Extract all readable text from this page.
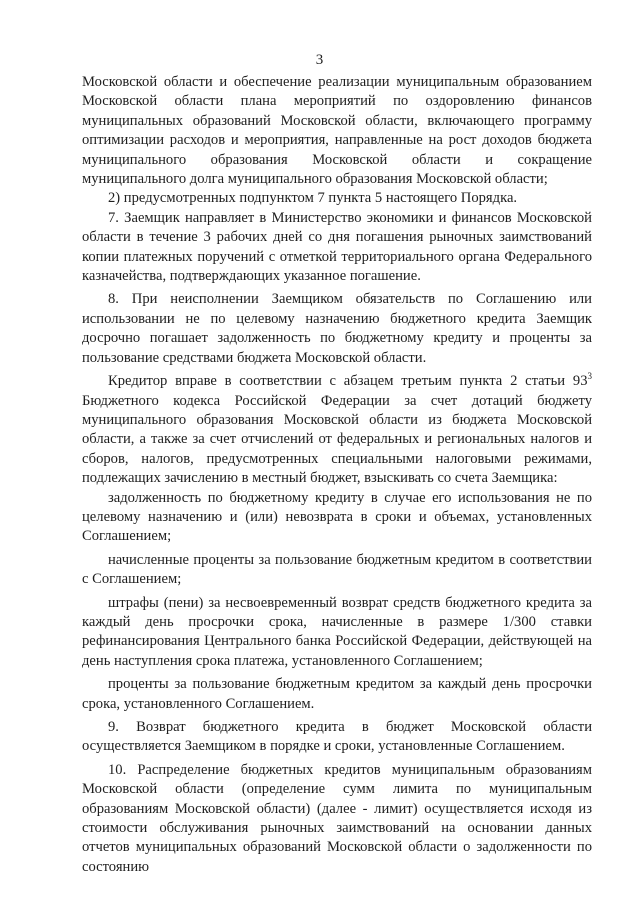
3

Московской области и обеспечение реализации муниципальным образованием Московской области плана мероприятий по оздоровлению финансов муниципальных образований Московской области, включающего программу оптимизации расходов и мероприятия, направленные на рост доходов бюджета муниципального образования Московской области и сокращение муниципального долга муниципального образования Московской области;

2) предусмотренных подпунктом 7 пункта 5 настоящего Порядка.

7. Заемщик направляет в Министерство экономики и финансов Московской области в течение 3 рабочих дней со дня погашения рыночных заимствований копии платежных поручений с отметкой территориального органа Федерального казначейства, подтверждающих указанное погашение.

8. При неисполнении Заемщиком обязательств по Соглашению или использовании не по целевому назначению бюджетного кредита Заемщик досрочно погашает задолженность по бюджетному кредиту и проценты за пользование средствами бюджета Московской области.

Кредитор вправе в соответствии с абзацем третьим пункта 2 статьи $93^3$ Бюджетного кодекса Российской Федерации за счет дотаций бюджету муниципального образования Московской области из бюджета Московской области, а также за счет отчислений от федеральных и региональных налогов и сборов, налогов, предусмотренных специальными налоговыми режимами, подлежащих зачислению в местный бюджет, взыскивать со счета Заемщика:

задолженность по бюджетному кредиту в случае его использования не по целевому назначению и (или) невозврата в сроки и объемах, установленных Соглашением;

начисленные проценты за пользование бюджетным кредитом в соответствии с Соглашением;

штрафы (пени) за несвоевременный возврат средств бюджетного кредита за каждый день просрочки срока, начисленные в размере 1/300 ставки рефинансирования Центрального банка Российской Федерации, действующей на день наступления срока платежа, установленного Соглашением;

проценты за пользование бюджетным кредитом за каждый день просрочки срока, установленного Соглашением.

9. Возврат бюджетного кредита в бюджет Московской области осуществляется Заемщиком в порядке и сроки, установленные Соглашением.

10. Распределение бюджетных кредитов муниципальным образованиям Московской области (определение сумм лимита по муниципальным образованиям Московской области) (далее - лимит) осуществляется исходя из стоимости обслуживания рыночных заимствований на основании данных отчетов муниципальных образований Московской области о задолженности по состоянию
